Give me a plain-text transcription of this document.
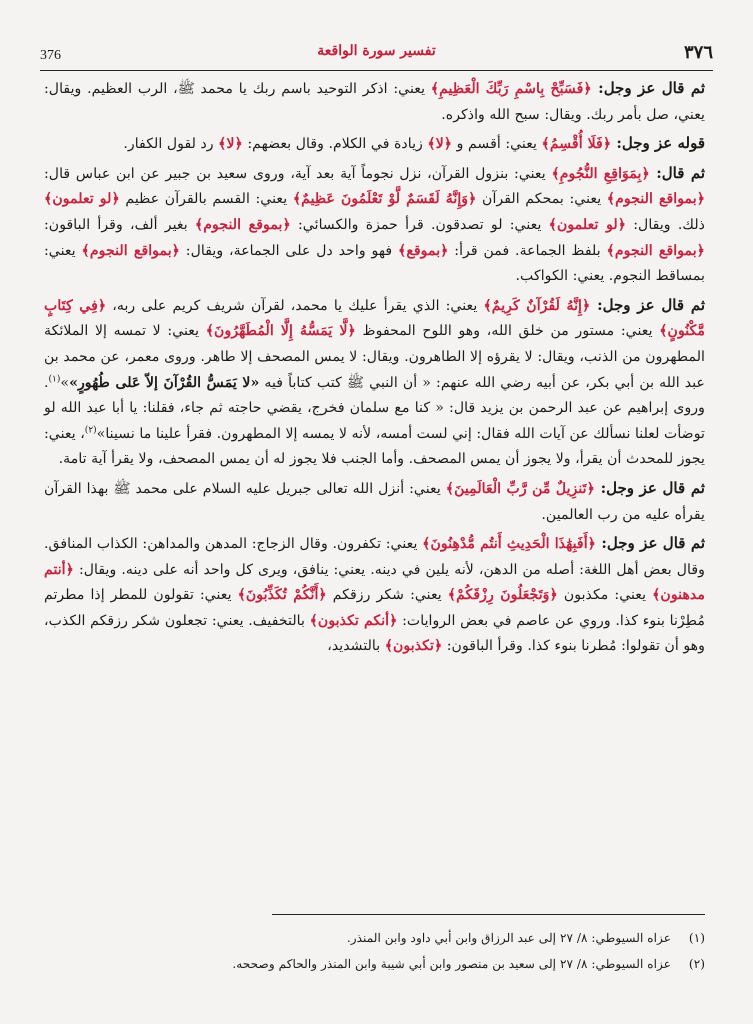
376	تفسير سورة الواقعة	٣٧٦

ثم قال عز وجل: ﴿فَسَبِّحْ بِاسْمِ رَبِّكَ الْعَظِيمِ﴾ يعني: اذكر التوحيد باسم ربك يا محمد ﷺ، الرب العظيم. ويقال: يعني، صل بأمر ربك. ويقال: سبح الله واذكره.

قوله عز وجل: ﴿فَلَا أُقْسِمُ﴾ يعني: أقسم و ﴿لا﴾ زيادة في الكلام. وقال بعضهم: ﴿لا﴾ رد لقول الكفار.

ثم قال: ﴿بِمَوَاقِعِ النُّجُومِ﴾ يعني: بنزول القرآن، نزل نجوماً آية بعد آية، وروى سعيد بن جبير عن ابن عباس قال: ﴿بمواقع النجوم﴾ يعني: بمحكم القرآن ﴿وَإِنَّهُ لَقَسَمٌ لَّوْ تَعْلَمُونَ عَظِيمٌ﴾ يعني: القسم بالقرآن عظيم ﴿لو تعلمون﴾ ذلك. ويقال: ﴿لو تعلمون﴾ يعني: لو تصدقون. قرأ حمزة والكسائي: ﴿بموقع النجوم﴾ بغير ألف، وقرأ الباقون: ﴿بمواقع النجوم﴾ بلفظ الجماعة. فمن قرأ: ﴿بموقع﴾ فهو واحد دل على الجماعة، ويقال: ﴿بمواقع النجوم﴾ يعني: بمساقط النجوم. يعني: الكواكب.

ثم قال عز وجل: ﴿إِنَّهُ لَقُرْآنٌ كَرِيمٌ﴾ يعني: الذي يقرأ عليك يا محمد، لقرآن شريف كريم على ربه، ﴿فِي كِتَابٍ مَّكْنُونٍ﴾ يعني: مستور من خلق الله، وهو اللوح المحفوظ ﴿لَّا يَمَسُّهُ إِلَّا الْمُطَهَّرُونَ﴾ يعني: لا تمسه إلا الملائكة المطهرون من الذنب، ويقال: لا يقرؤه إلا الطاهرون. ويقال: لا يمس المصحف إلا طاهر. وروى معمر، عن محمد بن عبد الله بن أبي بكر، عن أبيه رضي الله عنهم: « أن النبي ﷺ كتب كتاباً فيه «لا يَمَسُّ القُرْآنَ إلاّ عَلى طُهُورٍ»»$^{(١)}$. وروى إبراهيم عن عبد الرحمن بن يزيد قال: « كنا مع سلمان فخرج، يقضي حاجته ثم جاء، فقلنا: يا أبا عبد الله لو توضأت لعلنا نسألك عن آيات الله فقال: إني لست أمسه، لأنه لا يمسه إلا المطهرون. فقرأ علينا ما نسينا»$^{(٢)}$، يعني: يجوز للمحدث أن يقرأ، ولا يجوز أن يمس المصحف. وأما الجنب فلا يجوز له أن يمس المصحف، ولا يقرأ آية تامة.

ثم قال عز وجل: ﴿تَنزِيلٌ مِّن رَّبِّ الْعَالَمِينَ﴾ يعني: أنزل الله تعالى جبريل عليه السلام على محمد ﷺ بهذا القرآن يقرأه عليه من رب العالمين.

ثم قال عز وجل: ﴿أَفَبِهَٰذَا الْحَدِيثِ أَنتُم مُّدْهِنُونَ﴾ يعني: تكفرون. وقال الزجاج: المدهن والمداهن: الكذاب المنافق. وقال بعض أهل اللغة: أصله من الدهن، لأنه يلين في دينه. يعني: ينافق، ويرى كل واحد أنه على دينه. ويقال: ﴿أنتم مدهنون﴾ يعني: مكذبون ﴿وَتَجْعَلُونَ رِزْقَكُمْ﴾ يعني: شكر رزقكم ﴿أَنَّكُمْ تُكَذِّبُونَ﴾ يعني: تقولون للمطر إذا مطرتم مُطِرْنا بنوء كذا. وروي عن عاصم في بعض الروايات: ﴿أنكم تكذبون﴾ بالتخفيف. يعني: تجعلون شكر رزقكم الكذب، وهو أن تقولوا: مُطرنا بنوء كذا. وقرأ الباقون: ﴿تكذبون﴾ بالتشديد،

(١)
عزاه السيوطي: ٨/ ٢٧ إلى عبد الرزاق وابن أبي داود وابن المنذر.
(٢)
عزاه السيوطي: ٨/ ٢٧ إلى سعيد بن منصور وابن أبي شيبة وابن المنذر والحاكم وصححه.
